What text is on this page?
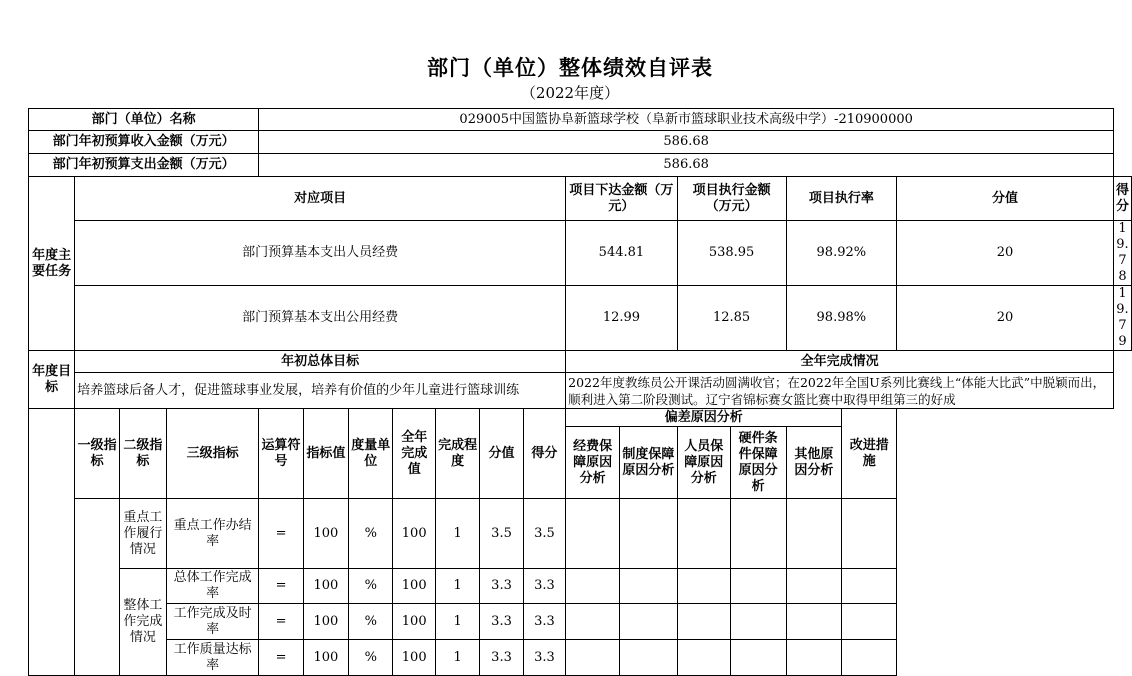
部门（单位）整体绩效自评表
（2022年度）
部门（单位）名称				029005中国篮协阜新篮球学校（阜新市篮球职业技术高级中学）-210900000														
部门年初预算收入金额（万元）				586.68														
部门年初预算支出金额（万元）				586.68														
年度主要任务	对应项目										项目下达金额（万元）		项目执行金额（万元）		项目执行率		分值	得分
	部门预算基本支出人员经费										544.81		538.95		98.92%		20	19.78
	部门预算基本支出公用经费										12.99		12.85		98.98%		20	19.79
年度目标	年初总体目标										全年完成情况							
	培养篮球后备人才，促进篮球事业发展，培养有价值的少年儿童进行篮球训练										2022年度教练员公开课活动圆满收官；在2022年全国U系列比赛线上“体能大比武”中脱颖而出，顺利进入第二阶段测试。辽宁省锦标赛女篮比赛中取得甲组第三的好成							
	一级指标	二级指标	三级指标	运算符号	指标值	度量单位	全年完成值	完成程度	分值	得分	偏差原因分析					改进措施		
											经费保障原因分析	制度保障原因分析	人员保障原因分析	硬件条件保障原因分析	其他原因分析			
		重点工作履行情况	重点工作办结率	=	100	%	100	1	3.5	3.5								
		整体工作完成情况	总体工作完成率	=	100	%	100	1	3.3	3.3								
			工作完成及时率	=	100	%	100	1	3.3	3.3								
			工作质量达标率	=	100	%	100	1	3.3	3.3								
